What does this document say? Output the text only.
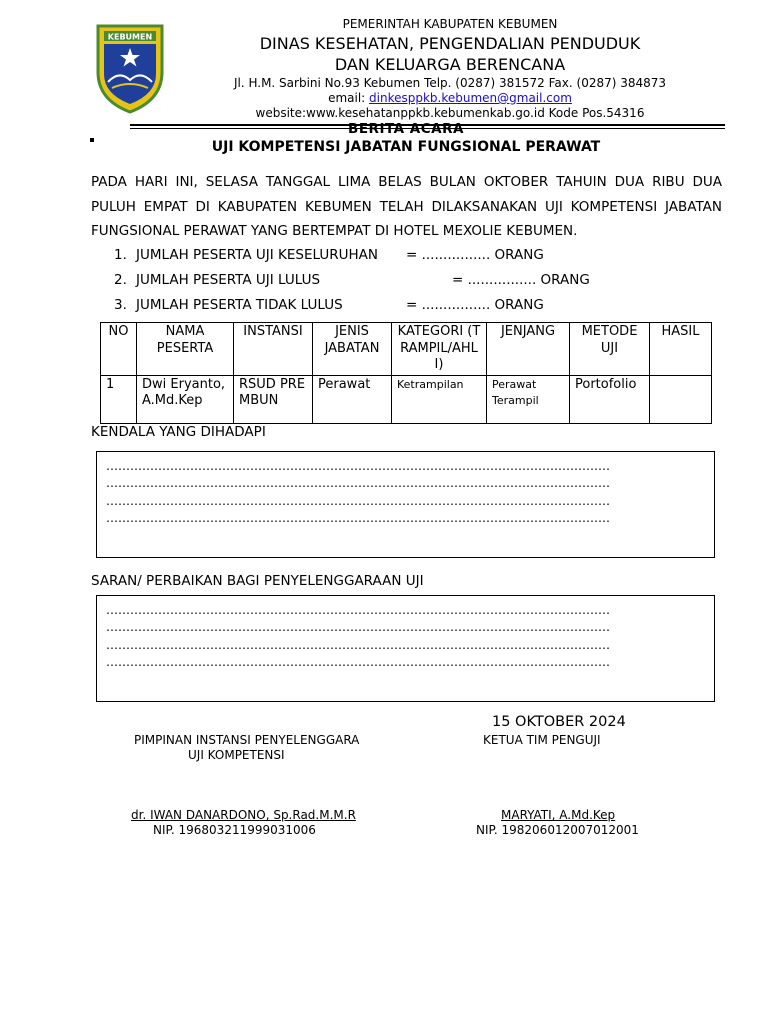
KEBUMEN
PEMERINTAH KABUPATEN KEBUMEN
DINAS KESEHATAN, PENGENDALIAN PENDUDUK
DAN KELUARGA BERENCANA
Jl. H.M. Sarbini No.93 Kebumen Telp. (0287) 381572 Fax. (0287) 384873
email: dinkesppkb.kebumen@gmail.com
website:www.kesehatanppkb.kebumenkab.go.id Kode Pos.54316
BERITA ACARA
UJI KOMPETENSI JABATAN FUNGSIONAL PERAWAT
PADA HARI INI, SELASA TANGGAL LIMA BELAS BULAN OKTOBER TAHUIN DUA RIBU DUA
PULUH EMPAT DI KABUPATEN KEBUMEN TELAH DILAKSANAKAN UJI KOMPETENSI JABATAN
FUNGSIONAL PERAWAT YANG BERTEMPAT DI HOTEL MEXOLIE KEBUMEN.
1. JUMLAH PESERTA UJI KESELURUHAN = ................ ORANG
2. JUMLAH PESERTA UJI LULUS	= ................ ORANG
3. JUMLAH PESERTA TIDAK LULUS	= ................ ORANG
NO	NAMA PESERTA	INSTANSI	JENIS JABATAN	KATEGORI (TRAMPIL/AHLI)	JENJANG	METODE UJI	HASIL
1	Dwi Eryanto, A.Md.Kep	RSUD PREMBUN	Perawat	Ketrampilan	Perawat Terampil	Portofolio	
KENDALA YANG DIHADAPI
………………………………………………………………………………………………………………
………………………………………………………………………………………………………………
………………………………………………………………………………………………………………
………………………………………………………………………………………………………………
SARAN/ PERBAIKAN BAGI PENYELENGGARAAN UJI
………………………………………………………………………………………………………………
………………………………………………………………………………………………………………
………………………………………………………………………………………………………………
………………………………………………………………………………………………………………
15 OKTOBER 2024
PIMPINAN INSTANSI PENYELENGGARA
UJI KOMPETENSI
dr. IWAN DANARDONO, Sp.Rad.M.M.R
NIP. 196803211999031006
KETUA TIM PENGUJI
MARYATI, A.Md.Kep
NIP. 198206012007012001
